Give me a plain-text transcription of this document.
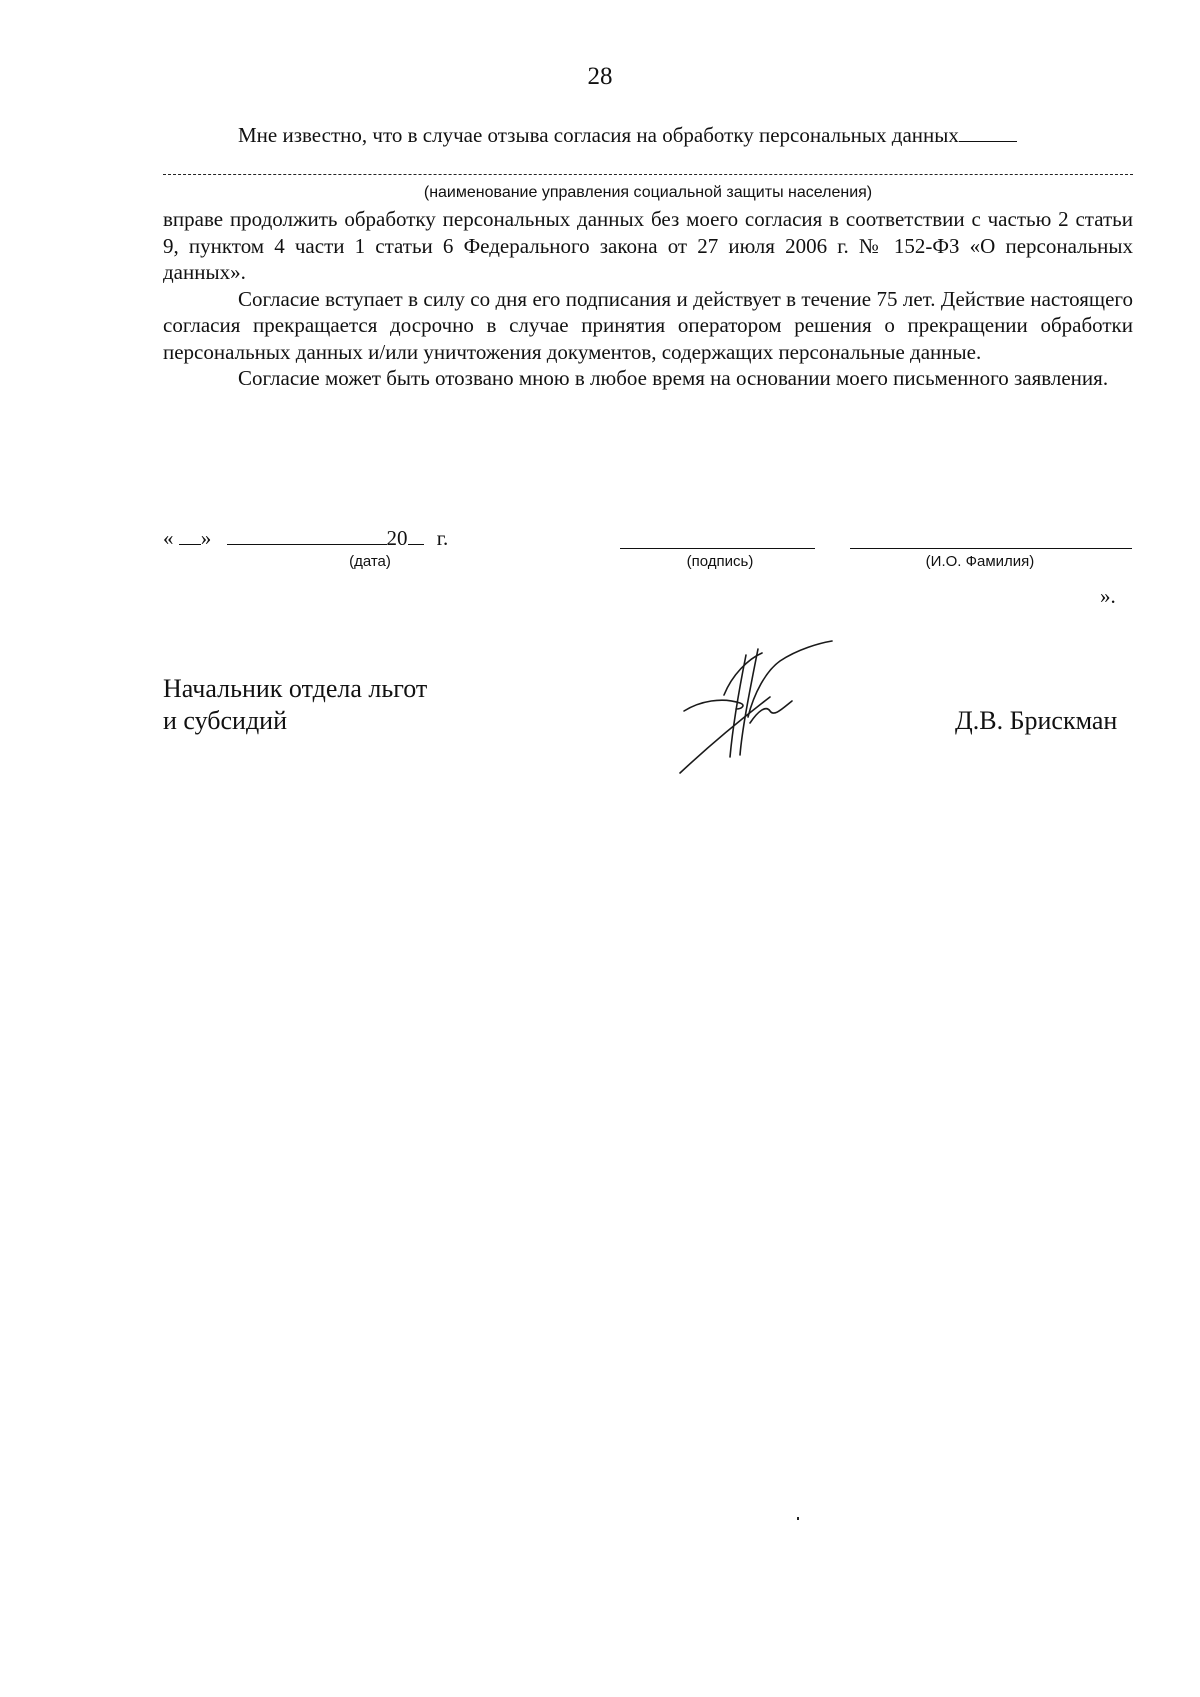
28
Мне известно, что в случае отзыва согласия на обработку персональных данных
(наименование управления социальной защиты населения)

вправе продолжить обработку персональных данных без моего согласия в соответствии с частью 2 статьи 9, пунктом 4 части 1 статьи 6 Федерального закона от 27 июля 2006 г. № 152-ФЗ «О персональных данных».

Согласие вступает в силу со дня его подписания и действует в течение 75 лет. Действие настоящего согласия прекращается досрочно в случае принятия оператором решения о прекращении обработки персональных данных и/или уничтожения документов, содержащих персональные данные.

Согласие может быть отозвано мною в любое время на основании моего письменного заявления.

« »	20 г.
(дата)	(подпись)	(И.О. Фамилия)
».
Начальник отдела льгот
и субсидий	Д.В. Брискман
